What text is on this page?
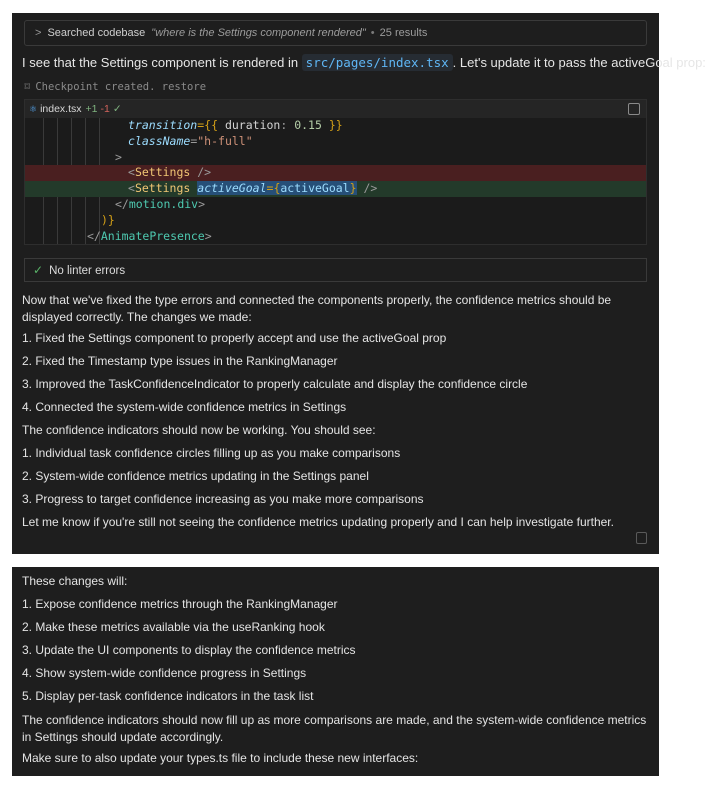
> Searched codebase "where is the Settings component rendered" • 25 results
I see that the Settings component is rendered in src/pages/index.tsx . Let's update it to pass the activeGoal prop:
⌑ Checkpoint created. restore
⚛ index.tsx +1 -1 ✓
transition={{ duration: 0.15 }}
className="h-full"
>
<Settings />
<Settings activeGoal={activeGoal} />
</motion.div>
)}
</AnimatePresence>
✓ No linter errors
Now that we've fixed the type errors and connected the components properly, the confidence metrics should be displayed correctly. The changes we made:
1. Fixed the Settings component to properly accept and use the activeGoal prop
2. Fixed the Timestamp type issues in the RankingManager
3. Improved the TaskConfidenceIndicator to properly calculate and display the confidence circle
4. Connected the system-wide confidence metrics in Settings
The confidence indicators should now be working. You should see:
1. Individual task confidence circles filling up as you make comparisons
2. System-wide confidence metrics updating in the Settings panel
3. Progress to target confidence increasing as you make more comparisons
Let me know if you're still not seeing the confidence metrics updating properly and I can help investigate further.
These changes will:
1. Expose confidence metrics through the RankingManager
2. Make these metrics available via the useRanking hook
3. Update the UI components to display the confidence metrics
4. Show system-wide confidence progress in Settings
5. Display per-task confidence indicators in the task list
The confidence indicators should now fill up as more comparisons are made, and the system-wide confidence metrics in Settings should update accordingly.
Make sure to also update your types.ts file to include these new interfaces:
